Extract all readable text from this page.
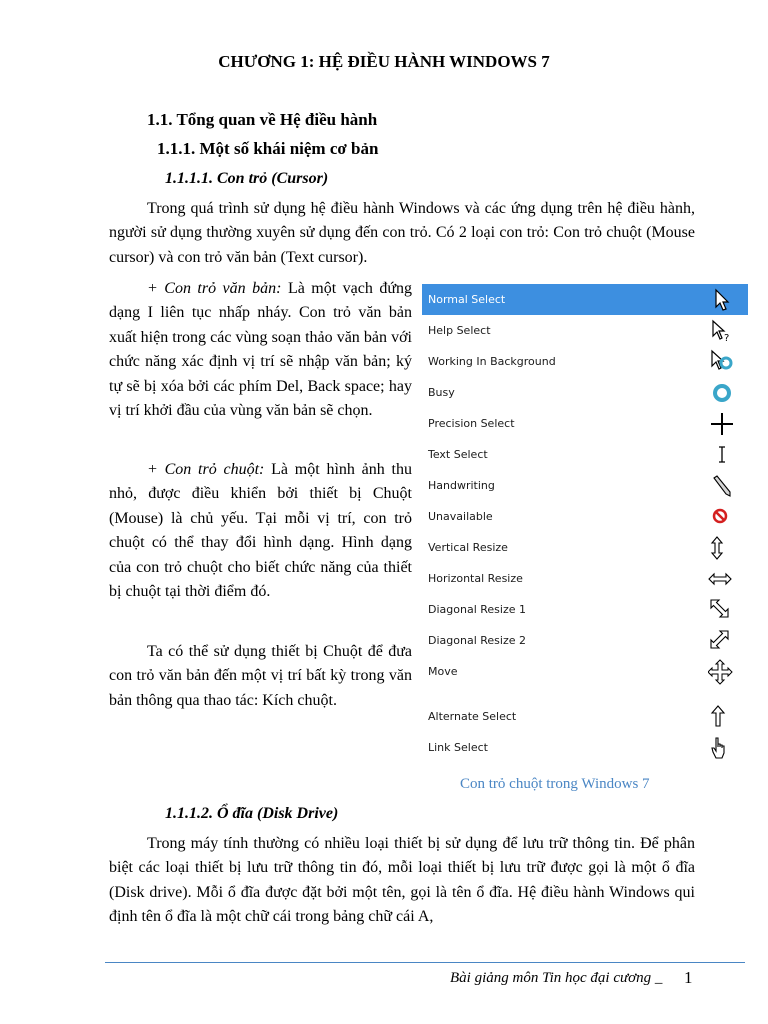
CHƯƠNG 1: HỆ ĐIỀU HÀNH WINDOWS 7
1.1. Tổng quan về Hệ điều hành
1.1.1. Một số khái niệm cơ bản
1.1.1.1. Con trỏ (Cursor)
Trong quá trình sử dụng hệ điều hành Windows và các ứng dụng trên hệ điều hành, người sử dụng thường xuyên sử dụng đến con trỏ. Có 2 loại con trỏ: Con trỏ chuột (Mouse cursor) và con trỏ văn bản (Text cursor).
+ Con trỏ văn bản: Là một vạch đứng dạng I liên tục nhấp nháy. Con trỏ văn bản xuất hiện trong các vùng soạn thảo văn bản với chức năng xác định vị trí sẽ nhập văn bản; ký tự sẽ bị xóa bởi các phím Del, Back space; hay vị trí khởi đầu của vùng văn bản sẽ chọn.
+ Con trỏ chuột: Là một hình ảnh thu nhỏ, được điều khiển bởi thiết bị Chuột (Mouse) là chủ yếu. Tại mỗi vị trí, con trỏ chuột có thể thay đổi hình dạng. Hình dạng của con trỏ chuột cho biết chức năng của thiết bị chuột tại thời điểm đó.
Ta có thể sử dụng thiết bị Chuột để đưa con trỏ văn bản đến một vị trí bất kỳ trong văn bản thông qua thao tác: Kích chuột.
Normal Select
Help Select
?
Working In Background
Busy
Precision Select
Text Select
Handwriting
Unavailable
Vertical Resize
Horizontal Resize
Diagonal Resize 1
Diagonal Resize 2
Move
Alternate Select
Link Select
Con trỏ chuột trong Windows 7
1.1.1.2. Ổ đĩa (Disk Drive)
Trong máy tính thường có nhiều loại thiết bị sử dụng để lưu trữ thông tin. Để phân biệt các loại thiết bị lưu trữ thông tin đó, mỗi loại thiết bị lưu trữ được gọi là một ổ đĩa (Disk drive). Mỗi ổ đĩa được đặt bởi một tên, gọi là tên ổ đĩa. Hệ điều hành Windows qui định tên ổ đĩa là một chữ cái trong bảng chữ cái A,
Bài giảng môn Tin học đại cương _ 1
